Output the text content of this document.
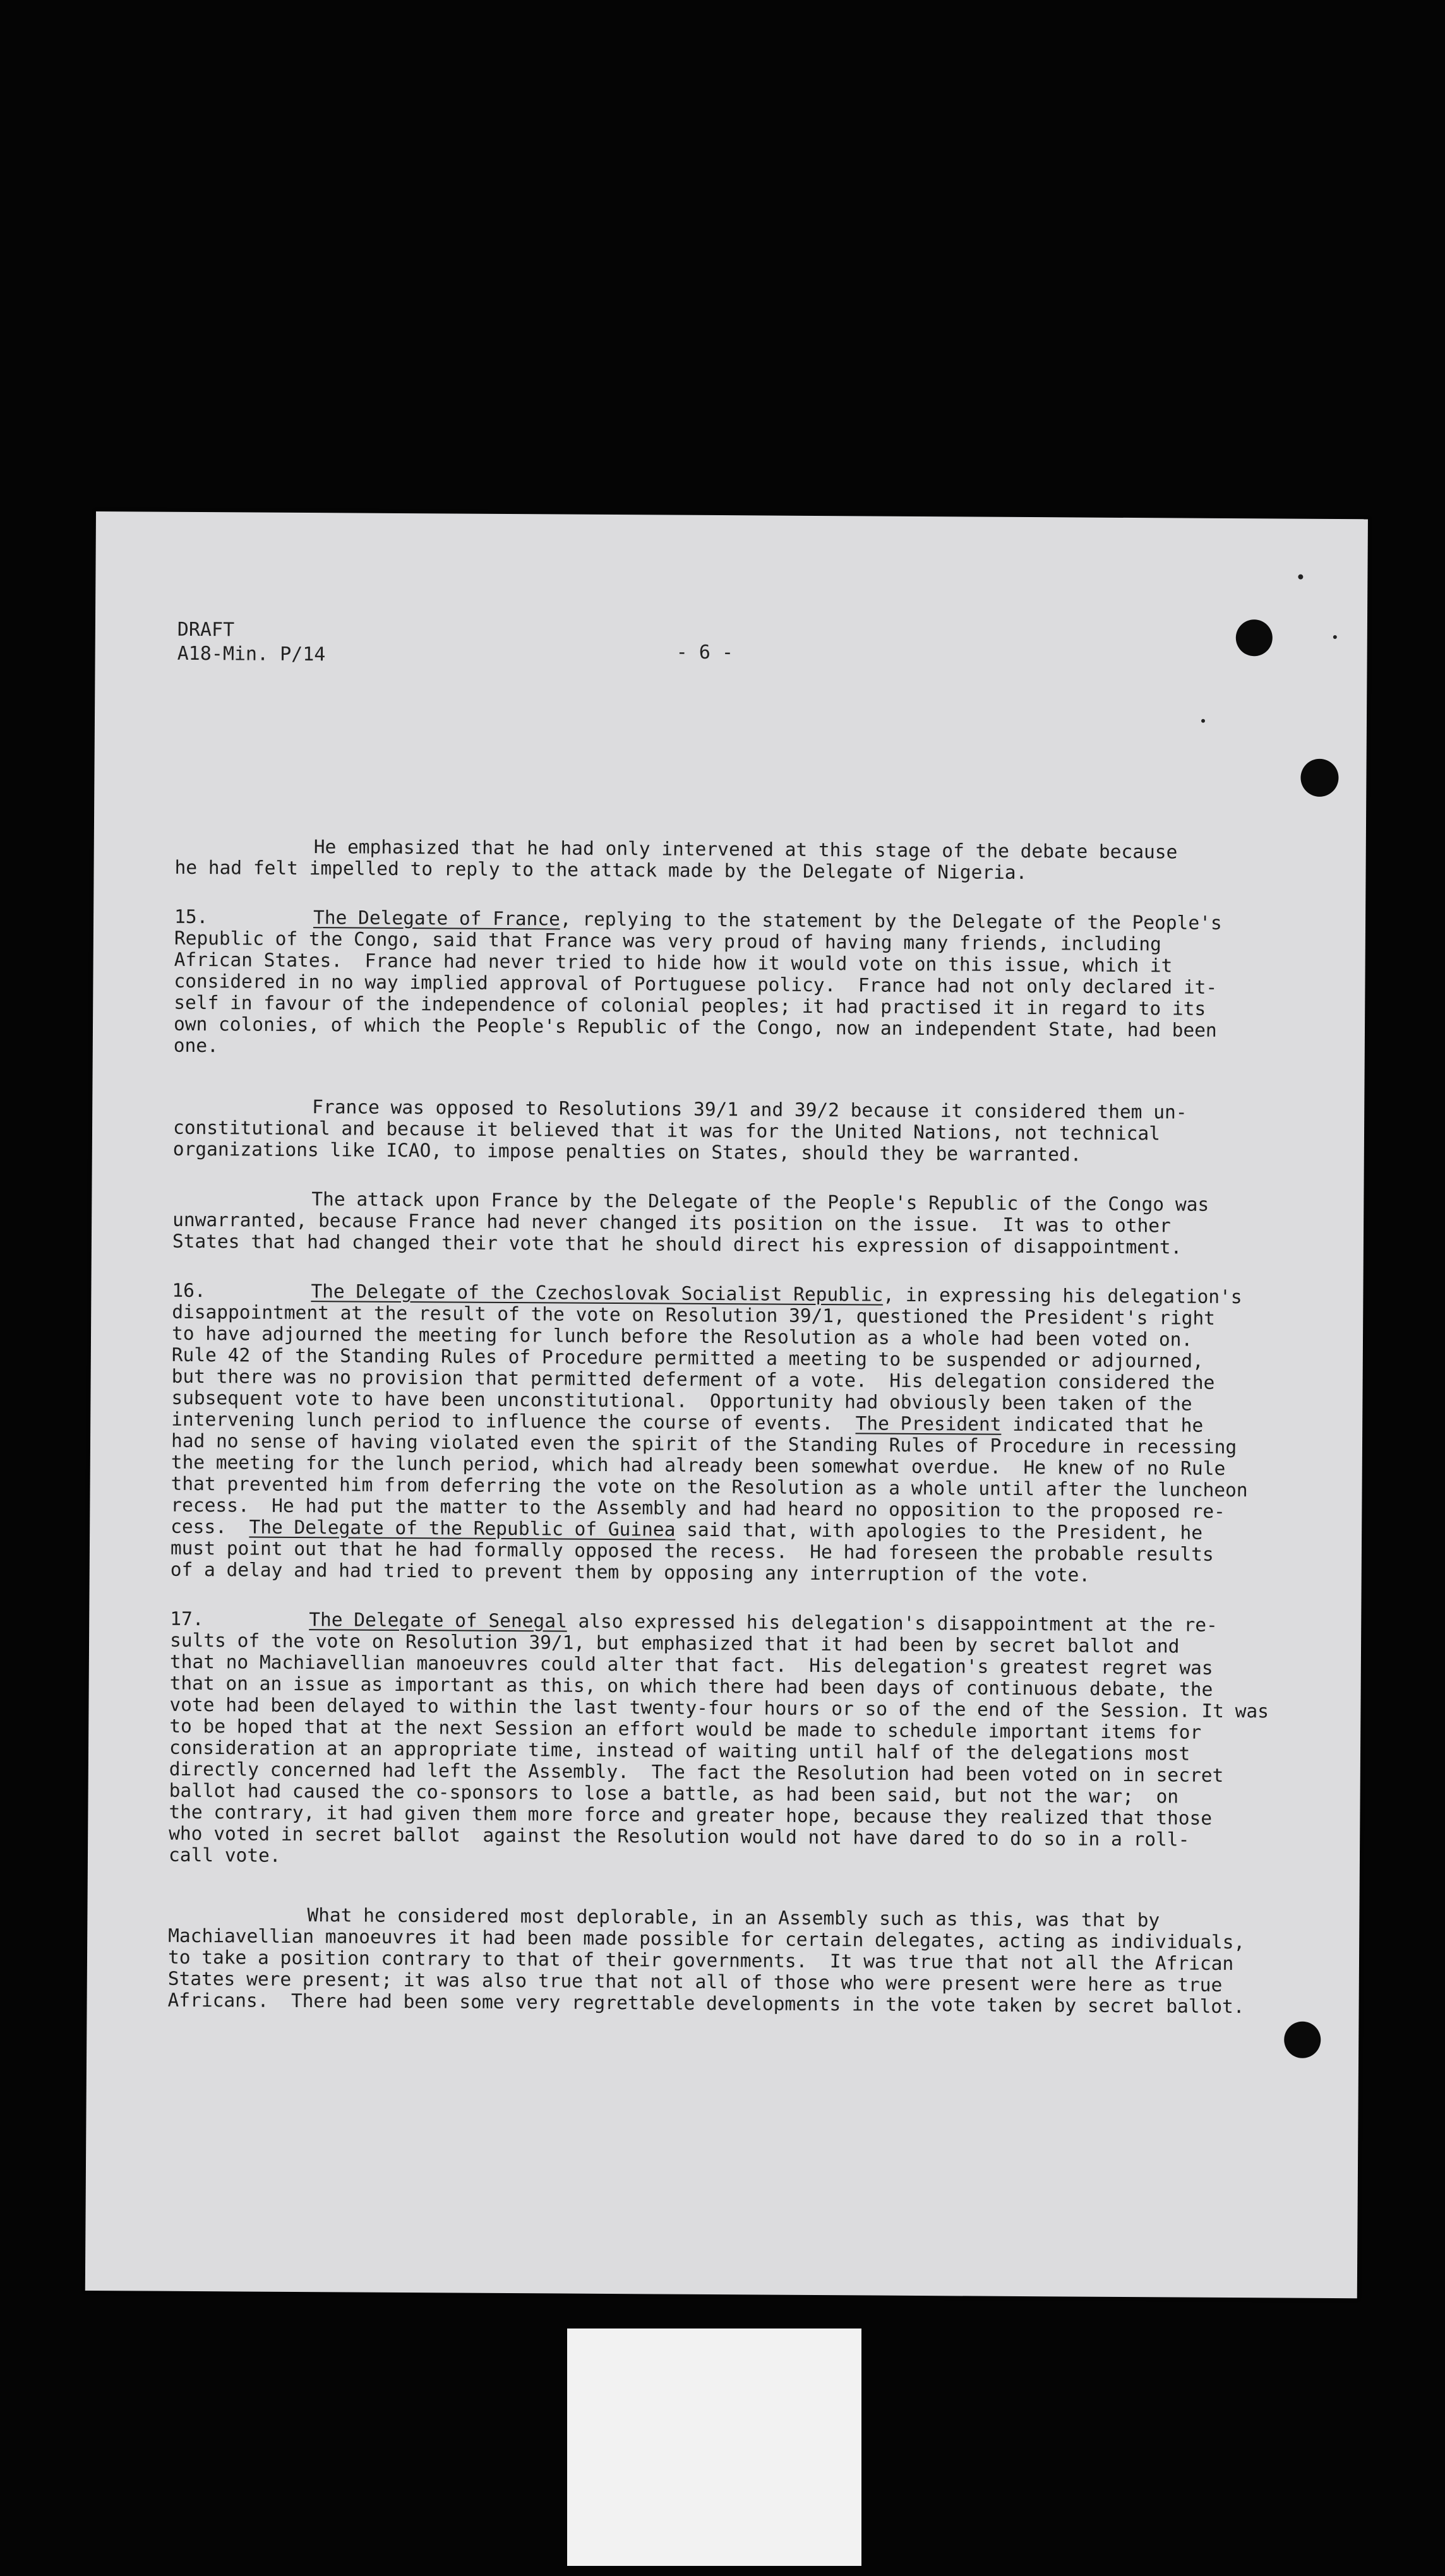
DRAFT
A18-Min. P/14	- 6 -
He emphasized that he had only intervened at this stage of the debate because
he had felt impelled to reply to the attack made by the Delegate of Nigeria.
15.	The Delegate of France, replying to the statement by the Delegate of the People's
Republic of the Congo, said that France was very proud of having many friends, including
African States.  France had never tried to hide how it would vote on this issue, which it
considered in no way implied approval of Portuguese policy.  France had not only declared it-
self in favour of the independence of colonial peoples; it had practised it in regard to its
own colonies, of which the People's Republic of the Congo, now an independent State, had been
one.
France was opposed to Resolutions 39/1 and 39/2 because it considered them un-
constitutional and because it believed that it was for the United Nations, not technical
organizations like ICAO, to impose penalties on States, should they be warranted.
The attack upon France by the Delegate of the People's Republic of the Congo was
unwarranted, because France had never changed its position on the issue.  It was to other
States that had changed their vote that he should direct his expression of disappointment.
16.	The Delegate of the Czechoslovak Socialist Republic, in expressing his delegation's
disappointment at the result of the vote on Resolution 39/1, questioned the President's right
to have adjourned the meeting for lunch before the Resolution as a whole had been voted on.
Rule 42 of the Standing Rules of Procedure permitted a meeting to be suspended or adjourned,
but there was no provision that permitted deferment of a vote.  His delegation considered the
subsequent vote to have been unconstitutional.  Opportunity had obviously been taken of the
intervening lunch period to influence the course of events. The President indicated that he
had no sense of having violated even the spirit of the Standing Rules of Procedure in recessing
the meeting for the lunch period, which had already been somewhat overdue.  He knew of no Rule
that prevented him from deferring the vote on the Resolution as a whole until after the luncheon
recess.  He had put the matter to the Assembly and had heard no opposition to the proposed re-
cess.  The Delegate of the Republic of Guinea said that, with apologies to the President, he
must point out that he had formally opposed the recess.  He had foreseen the probable results
of a delay and had tried to prevent them by opposing any interruption of the vote.
17.	The Delegate of Senegal also expressed his delegation's disappointment at the re-
sults of the vote on Resolution 39/1, but emphasized that it had been by secret ballot and
that no Machiavellian manoeuvres could alter that fact.  His delegation's greatest regret was
that on an issue as important as this, on which there had been days of continuous debate, the
vote had been delayed to within the last twenty-four hours or so of the end of the Session. It was
to be hoped that at the next Session an effort would be made to schedule important items for
consideration at an appropriate time, instead of waiting until half of the delegations most
directly concerned had left the Assembly.  The fact the Resolution had been voted on in secret
ballot had caused the co-sponsors to lose a battle, as had been said, but not the war;  on
the contrary, it had given them more force and greater hope, because they realized that those
who voted in secret ballot  against the Resolution would not have dared to do so in a roll-
call vote.
What he considered most deplorable, in an Assembly such as this, was that by
Machiavellian manoeuvres it had been made possible for certain delegates, acting as individuals,
to take a position contrary to that of their governments.  It was true that not all the African
States were present; it was also true that not all of those who were present were here as true
Africans.  There had been some very regrettable developments in the vote taken by secret ballot.
